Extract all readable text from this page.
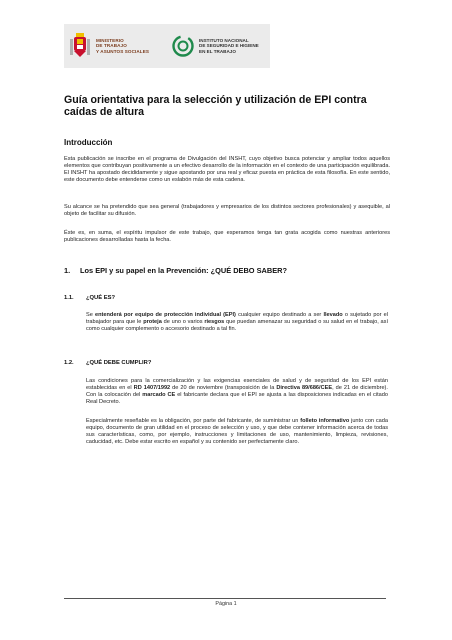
MINISTERIO
DE TRABAJO
Y ASUNTOS SOCIALES
INSTITUTO NACIONAL
DE SEGURIDAD E HIGIENE
EN EL TRABAJO
Guía orientativa para la selección y utilización de EPI contra caídas de altura
Introducción

Esta publicación se inscribe en el programa de Divulgación del INSHT, cuyo objetivo busca potenciar y ampliar todos aquellos elementos que contribuyan positivamente a un efectivo desarrollo de la información en el contexto de una participación equilibrada. El INSHT ha apostado decididamente y sigue apostando por una real y eficaz puesta en práctica de esta filosofía. En este sentido, este documento debe entenderse como un eslabón más de esta cadena.

Su alcance se ha pretendido que sea general (trabajadores y empresarios de los distintos sectores profesionales) y asequible, al objeto de facilitar su difusión.

Éste es, en suma, el espíritu impulsor de este trabajo, que esperamos tenga tan grata acogida como nuestras anteriores publicaciones desarrolladas hasta la fecha.

1. Los EPI y su papel en la Prevención: ¿QUÉ DEBO SABER?
1.1. ¿QUÉ ES?

Se entenderá por equipo de protección individual (EPI) cualquier equipo destinado a ser llevado o sujetado por el trabajador para que le proteja de uno o varios riesgos que puedan amenazar su seguridad o su salud en el trabajo, así como cualquier complemento o accesorio destinado a tal fin.

1.2. ¿QUÉ DEBE CUMPLIR?

Las condiciones para la comercialización y las exigencias esenciales de salud y de seguridad de los EPI están establecidas en el RD 1407/1992 de 20 de noviembre (transposición de la Directiva 89/686/CEE, de 21 de diciembre). Con la colocación del marcado CE el fabricante declara que el EPI se ajusta a las disposiciones indicadas en el citado Real Decreto.

Especialmente reseñable es la obligación, por parte del fabricante, de suministrar un folleto informativo junto con cada equipo, documento de gran utilidad en el proceso de selección y uso, y que debe contener información acerca de todas sus características, como, por ejemplo, instrucciones y limitaciones de uso, mantenimiento, limpieza, revisiones, caducidad, etc. Debe estar escrito en español y su contenido ser perfectamente claro.

Página 1
